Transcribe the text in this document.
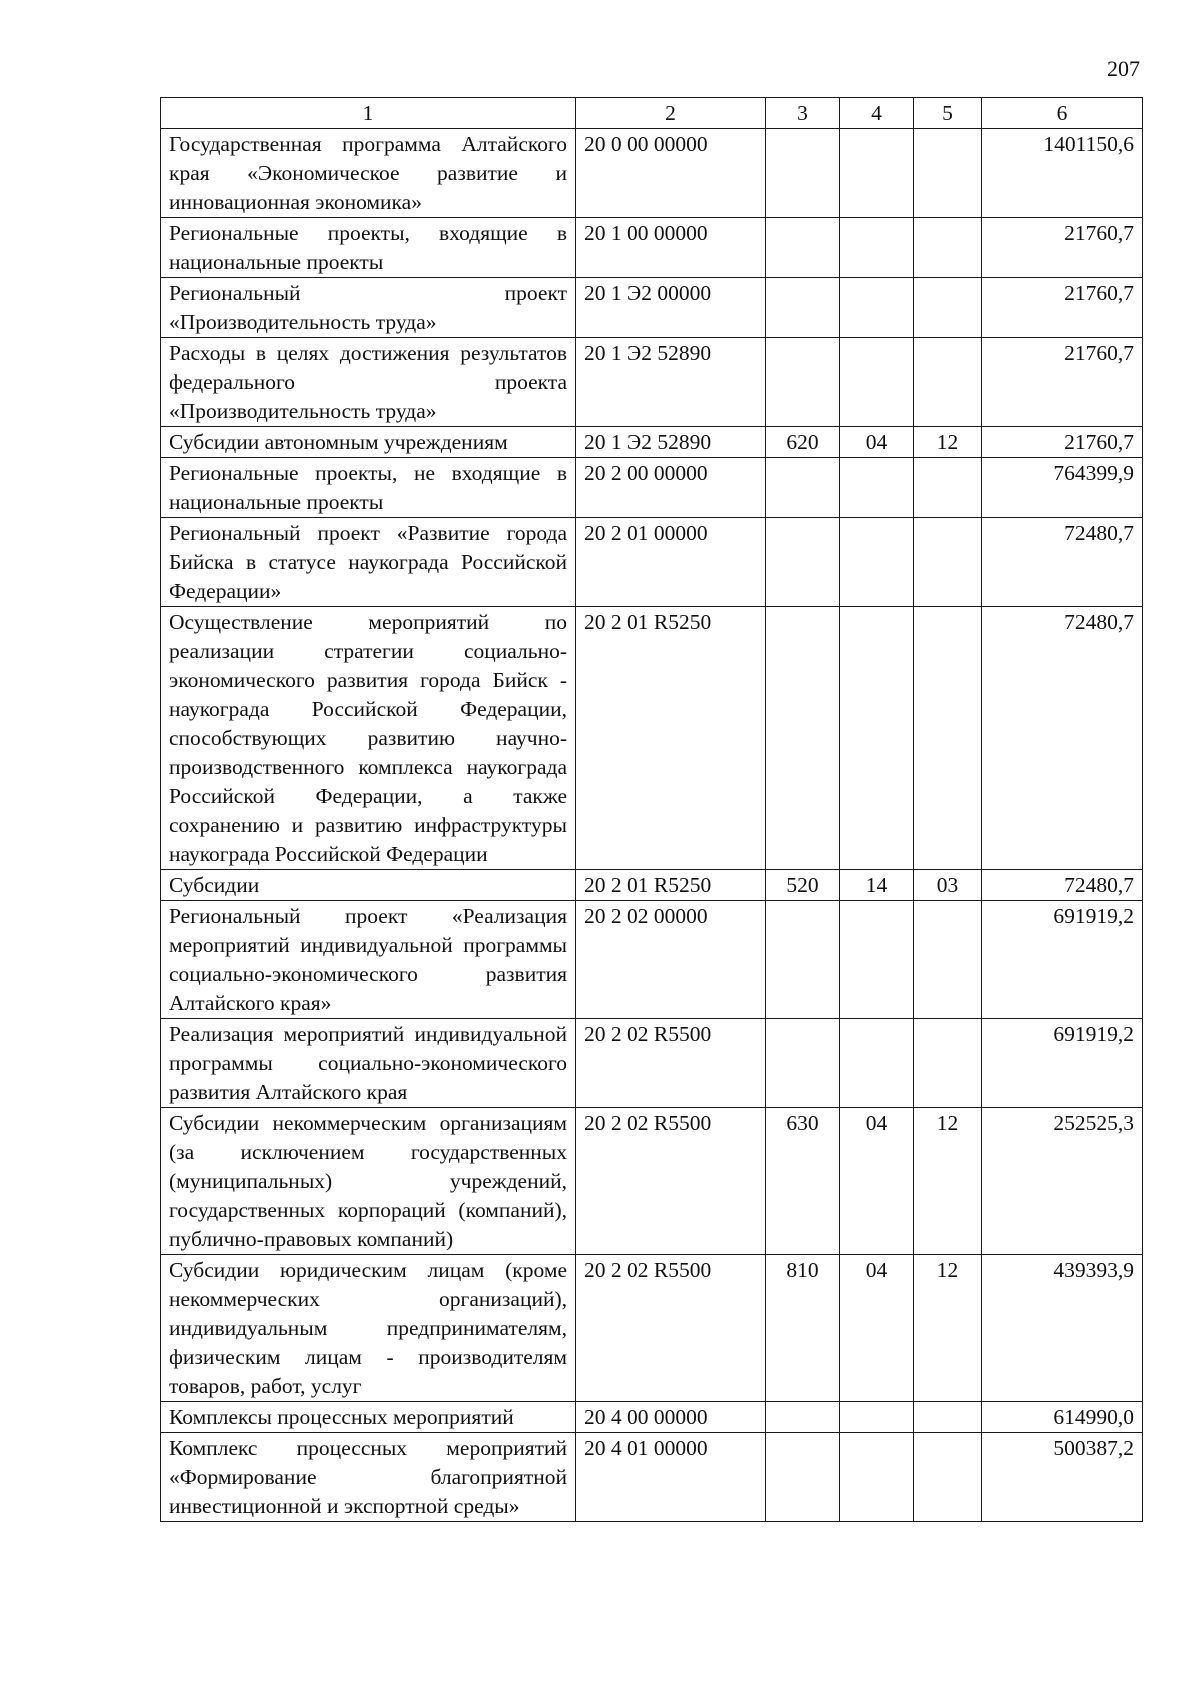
207
1	2	3	4	5	6
Государственная программа Алтайского края «Экономическое развитие и инновационная экономика»	20 0 00 00000				1401150,6
Региональные проекты, входящие в национальные проекты	20 1 00 00000				21760,7
Региональный проект «Производительность труда»	20 1 Э2 00000				21760,7
Расходы в целях достижения результатов федерального проекта «Производительность труда»	20 1 Э2 52890				21760,7
Субсидии автономным учреждениям	20 1 Э2 52890	620	04	12	21760,7
Региональные проекты, не входящие в национальные проекты	20 2 00 00000				764399,9
Региональный проект «Развитие города Бийска в статусе наукограда Российской Федерации»	20 2 01 00000				72480,7
Осуществление мероприятий по реализации стратегии социально-экономического развития города Бийск - наукограда Российской Федерации, способствующих развитию научно-производственного комплекса наукограда Российской Федерации, а также сохранению и развитию инфраструктуры наукограда Российской Федерации	20 2 01 R5250				72480,7
Субсидии	20 2 01 R5250	520	14	03	72480,7
Региональный проект «Реализация мероприятий индивидуальной программы социально-экономического развития Алтайского края»	20 2 02 00000				691919,2
Реализация мероприятий индивидуальной программы социально-экономического развития Алтайского края	20 2 02 R5500				691919,2
Субсидии некоммерческим организациям (за исключением государственных (муниципальных) учреждений, государственных корпораций (компаний), публично-правовых компаний)	20 2 02 R5500	630	04	12	252525,3
Субсидии юридическим лицам (кроме некоммерческих организаций), индивидуальным предпринимателям, физическим лицам - производителям товаров, работ, услуг	20 2 02 R5500	810	04	12	439393,9
Комплексы процессных мероприятий	20 4 00 00000				614990,0
Комплекс процессных мероприятий «Формирование благоприятной инвестиционной и экспортной среды»	20 4 01 00000				500387,2
